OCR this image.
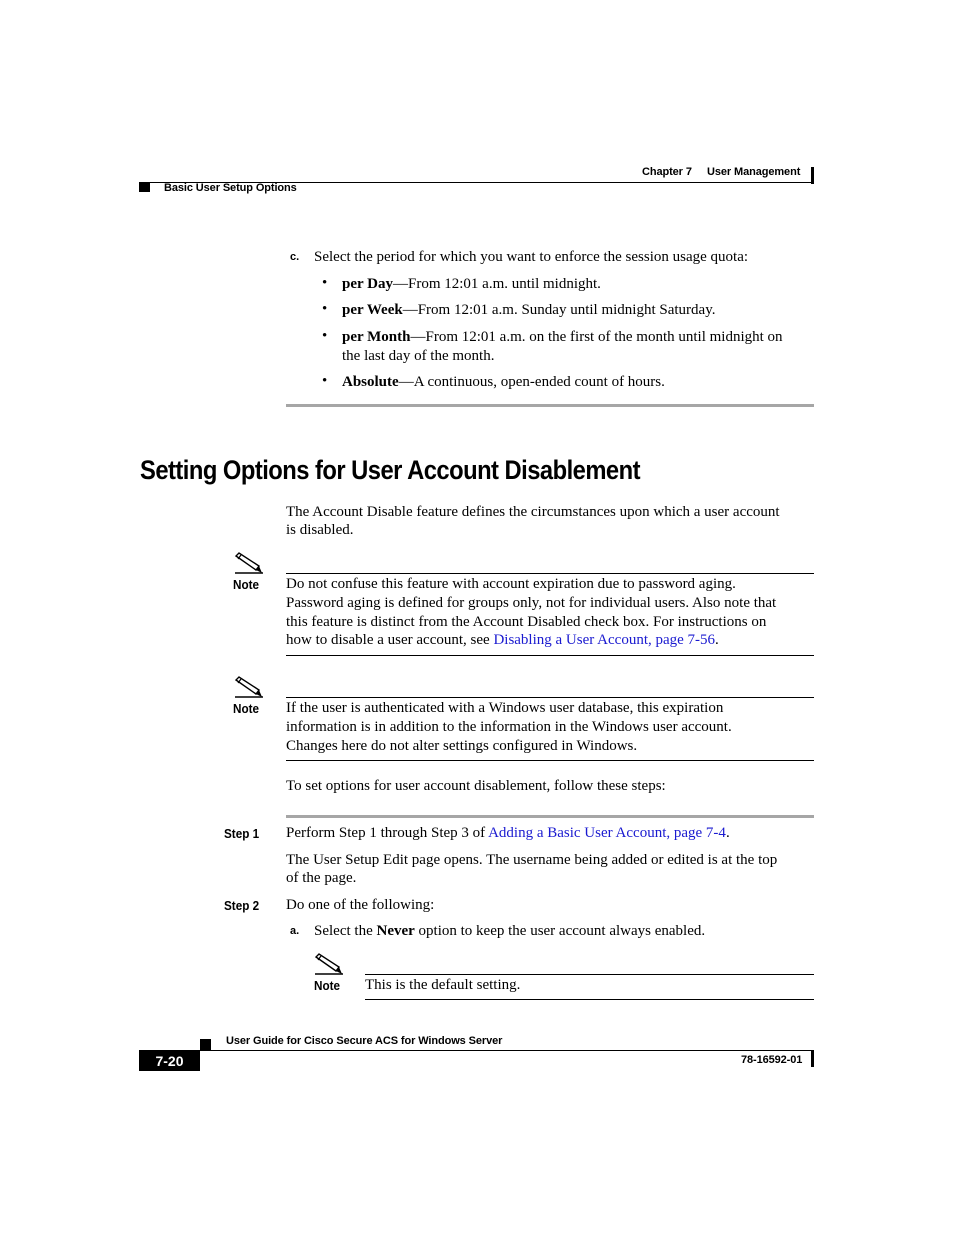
Chapter 7 User Management
Basic User Setup Options
c. Select the period for which you want to enforce the session usage quota:
• per Day—From 12:01 a.m. until midnight.
• per Week—From 12:01 a.m. Sunday until midnight Saturday.
• per Month—From 12:01 a.m. on the first of the month until midnight on
the last day of the month.
• Absolute—A continuous, open-ended count of hours.
Setting Options for User Account Disablement
The Account Disable feature defines the circumstances upon which a user account
is disabled.
Note Do not confuse this feature with account expiration due to password aging.
Password aging is defined for groups only, not for individual users. Also note that
this feature is distinct from the Account Disabled check box. For instructions on
how to disable a user account, see Disabling a User Account, page 7-56.
Note If the user is authenticated with a Windows user database, this expiration
information is in addition to the information in the Windows user account.
Changes here do not alter settings configured in Windows.
To set options for user account disablement, follow these steps:
Step 1 Perform Step 1 through Step 3 of Adding a Basic User Account, page 7-4.
The User Setup Edit page opens. The username being added or edited is at the top
of the page.
Step 2 Do one of the following:
a. Select the Never option to keep the user account always enabled.
Note This is the default setting.
User Guide for Cisco Secure ACS for Windows Server
7-20	78-16592-01
